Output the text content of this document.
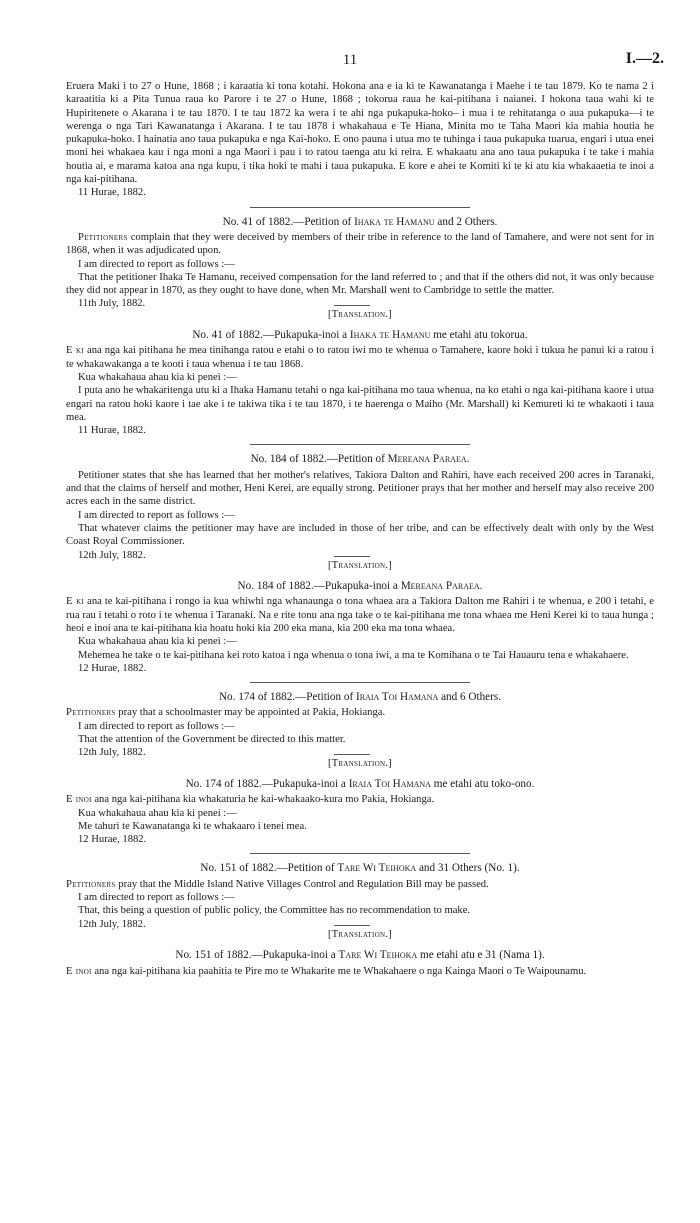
11	I.—2.

Eruera Maki i to 27 o Hune, 1868 ; i karaatia ki tona kotahi. Hokona ana e ia ki te Kawanatanga i Maehe i te tau 1879. Ko te nama 2 i karaatitia ki a Pita Tunua raua ko Parore i te 27 o Hune, 1868 ; tokorua raua he kai-pitihana i naianei. I hokona taua wahi ki te Hupiritenete o Akarana i te tau 1870. I te tau 1872 ka wera i te ahi nga pukapuka-hoko– i mua i te rehitatanga o aua pukapuka—i te werenga o nga Tari Kawanatanga i Akarana. I te tau 1878 i whakahaua e Te Hiana, Minita mo te Taha Maori kia mahia houtia he pukapuka-hoko. I hainatia ano taua pukapuka e nga Kai-hoko. E ono pauna i utua mo te tuhinga i taua pukapuka tuarua, engari i utua enei moni hei whakaea kau i nga moni a nga Maori i pau i to ratou taenga atu ki reira. E whakaatu ana ano taua pukapuka i te take i mahia houtia ai, e marama katoa ana nga kupu, i tika hoki te mahi i taua pukapuka. E kore e ahei te Komiti ki te ki atu kia whakaaetia te inoi a nga kai-pitihana.

11 Hurae, 1882.

No. 41 of 1882.—Petition of Ihaka te Hamanu and 2 Others.

Petitioners complain that they were deceived by members of their tribe in reference to the land of Tamahere, and were not sent for in 1868, when it was adjudicated upon.

I am directed to report as follows :—

That the petitioner Ihaka Te Hamanu, received compensation for the land referred to ; and that if the others did not, it was only because they did not appear in 1870, as they ought to have done, when Mr. Marshall went to Cambridge to settle the matter.

11th July, 1882.

[Translation.]

No. 41 of 1882.—Pukapuka-inoi a Ihaka te Hamanu me etahi atu tokorua.

E ki ana nga kai pitihana he mea tinihanga ratou e etahi o to ratou iwi mo te whenua o Tamahere, kaore hoki i tukua he panui ki a ratou i te whakawakanga a te kooti i taua whenua i te tau 1868.

Kua whakahaua ahau kia ki penei :—

I puta ano he whakaritenga utu ki a Ihaka Hamanu tetahi o nga kai-pitihana mo taua whenua, na ko etahi o nga kai-pitihana kaore i utua engari na ratou hoki kaore i tae ake i te takiwa tika i te tau 1870, i te haerenga o Maiho (Mr. Marshall) ki Kemureti ki te whakaoti i taua mea.

11 Hurae, 1882.

No. 184 of 1882.—Petition of Mereana Paraea.

Petitioner states that she has learned that her mother's relatives, Takiora Dalton and Rahiri, have each received 200 acres in Taranaki, and that the claims of herself and mother, Heni Kerei, are equally strong. Petitioner prays that her mother and herself may also receive 200 acres each in the same district.

I am directed to report as follows :—

That whatever claims the petitioner may have are included in those of her tribe, and can be effectively dealt with only by the West Coast Royal Commissioner.

12th July, 1882.

[Translation.]

No. 184 of 1882.—Pukapuka-inoi a Mereana Paraea.

E ki ana te kai-pitihana i rongo ia kua whiwhi nga whanaunga o tona whaea ara a Takiora Dalton me Rahiri i te whenua, e 200 i tetahi, e rua rau i tetahi o roto i te whenua i Taranaki. Na e rite tonu ana nga take o te kai-pitihana me tona whaea me Heni Kerei ki to taua hunga ; heoi e inoi ana te kai-pitihana kia hoatu hoki kia 200 eka mana, kia 200 eka ma tona whaea.

Kua whakahaua ahau kia ki penei :—

Mehemea he take o te kai-pitihana kei roto katoa i nga whenua o tona iwi, a ma te Komihana o te Tai Hauauru tena e whakahaere.

12 Hurae, 1882.

No. 174 of 1882.—Petition of Iraia Toi Hamana and 6 Others.

Petitioners pray that a schoolmaster may be appointed at Pakia, Hokianga.

I am directed to report as follows :—

That the attention of the Government be directed to this matter.

12th July, 1882.

[Translation.]

No. 174 of 1882.—Pukapuka-inoi a Iraia Toi Hamana me etahi atu toko-ono.

E inoi ana nga kai-pitihana kia whakaturia he kai-whakaako-kura mo Pakia, Hokianga.

Kua whakahaua ahau kia ki penei :—

Me tahuri te Kawanatanga ki te whakaaro i tenei mea.

12 Hurae, 1882.

No. 151 of 1882.—Petition of Tare Wi Teihoka and 31 Others (No. 1).

Petitioners pray that the Middle Island Native Villages Control and Regulation Bill may be passed.

I am directed to report as follows :—

That, this being a question of public policy, the Committee has no recommendation to make.

12th July, 1882.

[Translation.]

No. 151 of 1882.—Pukapuka-inoi a Tare Wi Teihoka me etahi atu e 31 (Nama 1).

E inoi ana nga kai-pitihana kia paahitia te Pire mo te Whakarite me te Whakahaere o nga Kainga Maori o Te Waipounamu.
